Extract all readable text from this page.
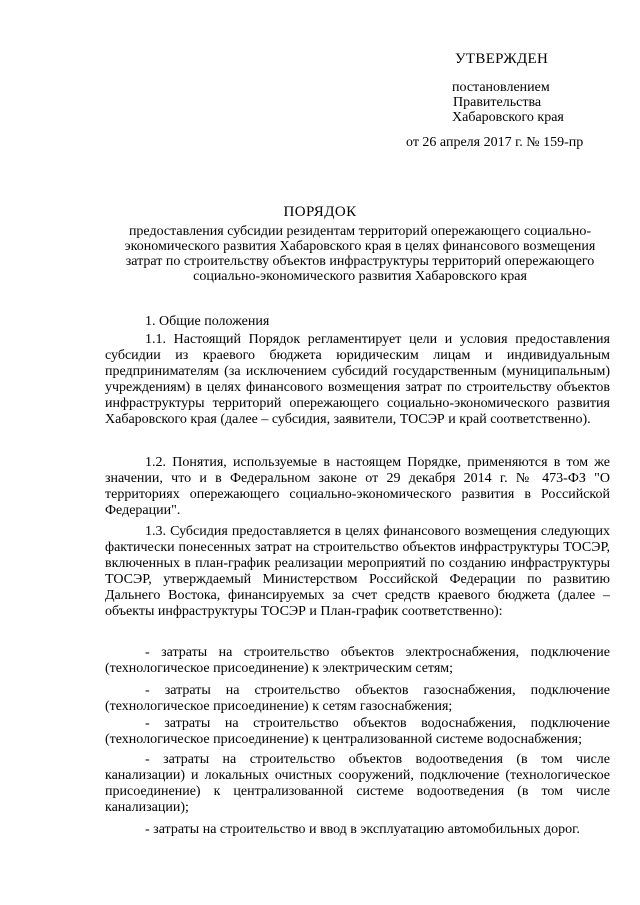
УТВЕРЖДЕН
постановлением
Правительства
Хабаровского края
от 26 апреля 2017 г. № 159-пр
ПОРЯДОК
предоставления субсидии резидентам территорий опережающего социально-экономического развития Хабаровского края в целях финансового возмещения затрат по строительству объектов инфраструктуры территорий опережающего социально-экономического развития Хабаровского края
1. Общие положения

1.1. Настоящий Порядок регламентирует цели и условия предоставления субсидии из краевого бюджета юридическим лицам и индивидуальным предпринимателям (за исключением субсидий государственным (муниципальным) учреждениям) в целях финансового возмещения затрат по строительству объектов инфраструктуры территорий опережающего социально-экономического развития Хабаровского края (далее – субсидия, заявители, ТОСЭР и край соответственно).

1.2. Понятия, используемые в настоящем Порядке, применяются в том же значении, что и в Федеральном законе от 29 декабря 2014 г. № 473-ФЗ "О территориях опережающего социально-экономического развития в Российской Федерации".

1.3. Субсидия предоставляется в целях финансового возмещения следующих фактически понесенных затрат на строительство объектов инфраструктуры ТОСЭР, включенных в план-график реализации мероприятий по созданию инфраструктуры ТОСЭР, утверждаемый Министерством Российской Федерации по развитию Дальнего Востока, финансируемых за счет средств краевого бюджета (далее – объекты инфраструктуры ТОСЭР и План-график соответственно):

- затраты на строительство объектов электроснабжения, подключение (технологическое присоединение) к электрическим сетям;

- затраты на строительство объектов газоснабжения, подключение (технологическое присоединение) к сетям газоснабжения;

- затраты на строительство объектов водоснабжения, подключение (технологическое присоединение) к централизованной системе водоснабжения;

- затраты на строительство объектов водоотведения (в том числе канализации) и локальных очистных сооружений, подключение (технологическое присоединение) к централизованной системе водоотведения (в том числе канализации);

- затраты на строительство и ввод в эксплуатацию автомобильных дорог.
